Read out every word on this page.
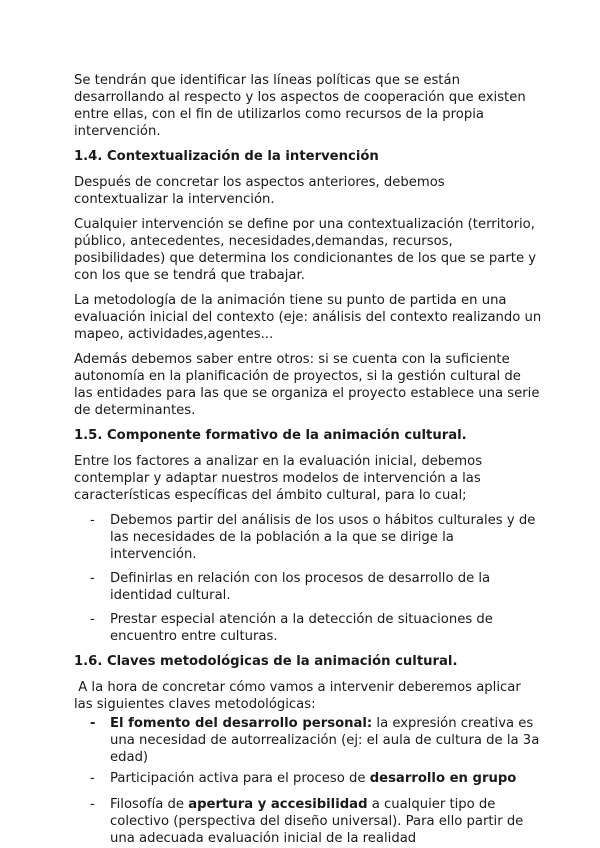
Se tendrán que identificar las líneas políticas que se están desarrollando al respecto y los aspectos de cooperación que existen entre ellas, con el fin de utilizarlos como recursos de la propia intervención.

1.4. Contextualización de la intervención

Después de concretar los aspectos anteriores, debemos contextualizar la intervención.

Cualquier intervención se define por una contextualización (territorio, público, antecedentes, necesidades,demandas, recursos, posibilidades) que determina los condicionantes de los que se parte y con los que se tendrá que trabajar.

La metodología de la animación tiene su punto de partida en una evaluación inicial del contexto (eje: análisis del contexto realizando un mapeo, actividades,agentes...

Además debemos saber entre otros: si se cuenta con la suficiente autonomía en la planificación de proyectos, si la gestión cultural de las entidades para las que se organiza el proyecto establece una serie de determinantes.

1.5. Componente formativo de la animación cultural.

Entre los factores a analizar en la evaluación inicial, debemos contemplar y adaptar nuestros modelos de intervención a las características específicas del ámbito cultural, para lo cual;

- Debemos partir del análisis de los usos o hábitos culturales y de las necesidades de la población a la que se dirige la intervención.
- Definirlas en relación con los procesos de desarrollo de la identidad cultural.
- Prestar especial atención a la detección de situaciones de encuentro entre culturas.
1.6. Claves metodológicas de la animación cultural.

A la hora de concretar cómo vamos a intervenir deberemos aplicar las siguientes claves metodológicas:

- El fomento del desarrollo personal: la expresión creativa es una necesidad de autorrealización (ej: el aula de cultura de la 3a edad)
- Participación activa para el proceso de desarrollo en grupo
- Filosofía de apertura y accesibilidad a cualquier tipo de colectivo (perspectiva del diseño universal). Para ello partir de una adecuada evaluación inicial de la realidad
